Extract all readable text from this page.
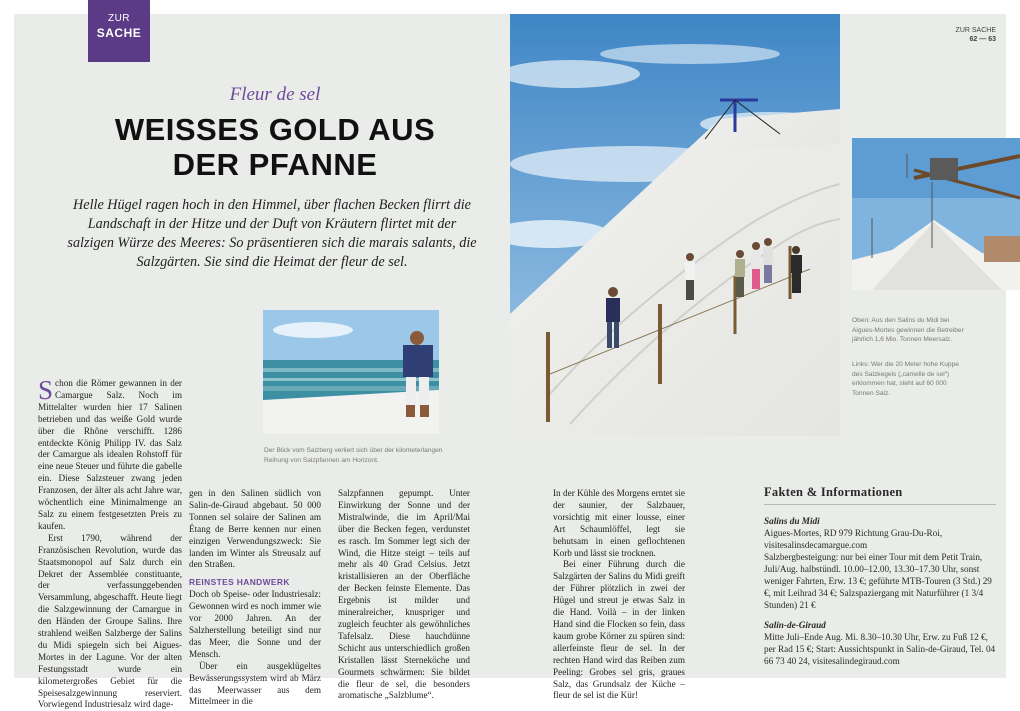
ZUR
SACHE	ZUR SACHE
62 — 63
Fleur de sel
WEISSES GOLD AUS
DER PFANNE
Helle Hügel ragen hoch in den Himmel, über flachen Becken flirrt die Landschaft in der Hitze und der Duft von Kräutern flirtet mit der salzigen Würze des Meeres: So präsentieren sich die marais salants, die Salzgärten. Sie sind die Heimat der fleur de sel.
Der Blick vom Salzberg verliert sich über der kilometerlangen Reihung von Salzpfannen am Horizont.
Oben: Aus den Salins du Midi bei Aigues-Mortes gewinnen die Betreiber jährlich 1,6 Mio. Tonnen Meersalz.
Links: Wer die 20 Meter hohe Kuppe des Salzkegels („camelle de sel“) erklommen hat, steht auf 60 000 Tonnen Salz.

Schon die Römer gewannen in der Camargue Salz. Noch im Mittelalter wurden hier 17 Salinen betrieben und das weiße Gold wurde über die Rhône verschifft. 1286 entdeckte König Philipp IV. das Salz der Camargue als idealen Rohstoff für eine neue Steuer und führte die gabelle ein. Diese Salzsteuer zwang jeden Franzosen, der älter als acht Jahre war, wöchentlich eine Minimalmenge an Salz zu einem festgesetzten Preis zu kaufen.

Erst 1790, während der Französischen Revolution, wurde das Staatsmonopol auf Salz durch ein Dekret der Assemblée constituante, der verfassunggebenden Versammlung, abgeschafft. Heute liegt die Salzgewinnung der Camargue in den Händen der Groupe Salins. Ihre strahlend weißen Salzberge der Salins du Midi spiegeln sich bei Aigues-Mortes in der Lagune. Vor der alten Festungsstadt wurde ein kilometergroßes Gebiet für die Speisesalzgewinnung reserviert. Vorwiegend Industriesalz wird dage-

gen in den Salinen südlich von Salin-de-Giraud abgebaut. 50 000 Tonnen sel solaire der Salinen am Étang de Berre kennen nur einen einzigen Verwendungszweck: Sie landen im Winter als Streusalz auf den Straßen.

REINSTES HANDWERK

Doch ob Speise- oder Industriesalz: Gewonnen wird es noch immer wie vor 2000 Jahren. An der Salzherstellung beteiligt sind nur das Meer, die Sonne und der Mensch.

Über ein ausgeklügeltes Bewässerungssystem wird ab März das Meerwasser aus dem Mittelmeer in die

Salzpfannen gepumpt. Unter Einwirkung der Sonne und der Mistralwinde, die im April/Mai über die Becken fegen, verdunstet es rasch. Im Sommer legt sich der Wind, die Hitze steigt – teils auf mehr als 40 Grad Celsius. Jetzt kristallisieren an der Oberfläche der Becken feinste Elemente. Das Ergebnis ist milder und mineralreicher, knuspriger und zugleich feuchter als gewöhnliches Tafelsalz. Diese hauchdünne Schicht aus unterschiedlich großen Kristallen lässt Sterneköche und Gourmets schwärmen: Sie bildet die fleur de sel, die besonders aromatische „Salzblume“.

In der Kühle des Morgens erntet sie der saunier, der Salzbauer, vorsichtig mit einer lousse, einer Art Schaumlöffel, legt sie behutsam in einen geflochtenen Korb und lässt sie trocknen.

Bei einer Führung durch die Salzgärten der Salins du Midi greift der Führer plötzlich in zwei der Hügel und streut je etwas Salz in die Hand. Voilà – in der linken Hand sind die Flocken so fein, dass kaum grobe Körner zu spüren sind: allerfeinste fleur de sel. In der rechten Hand wird das Reiben zum Peeling: Grobes sel gris, graues Salz, das Grundsalz der Küche – fleur de sel ist die Kür!

Fakten & Informationen
Salins du Midi
Aigues-Mortes, RD 979 Richtung Grau-Du-Roi, visitesalinsdecamargue.com
Salzbergbesteigung: nur bei einer Tour mit dem Petit Train, Juli/Aug. halbstündl. 10.00–12.00, 13.30–17.30 Uhr, sonst weniger Fahrten, Erw. 13 €; geführte MTB-Touren (3 Std.) 29 €, mit Leihrad 34 €; Salzspaziergang mit Naturführer (1 3/4 Stunden) 21 €
Salin-de-Giraud
Mitte Juli–Ende Aug. Mi. 8.30–10.30 Uhr, Erw. zu Fuß 12 €, per Rad 15 €; Start: Aussichtspunkt in Salin-de-Giraud, Tel. 04 66 73 40 24, visitesalindegiraud.com
